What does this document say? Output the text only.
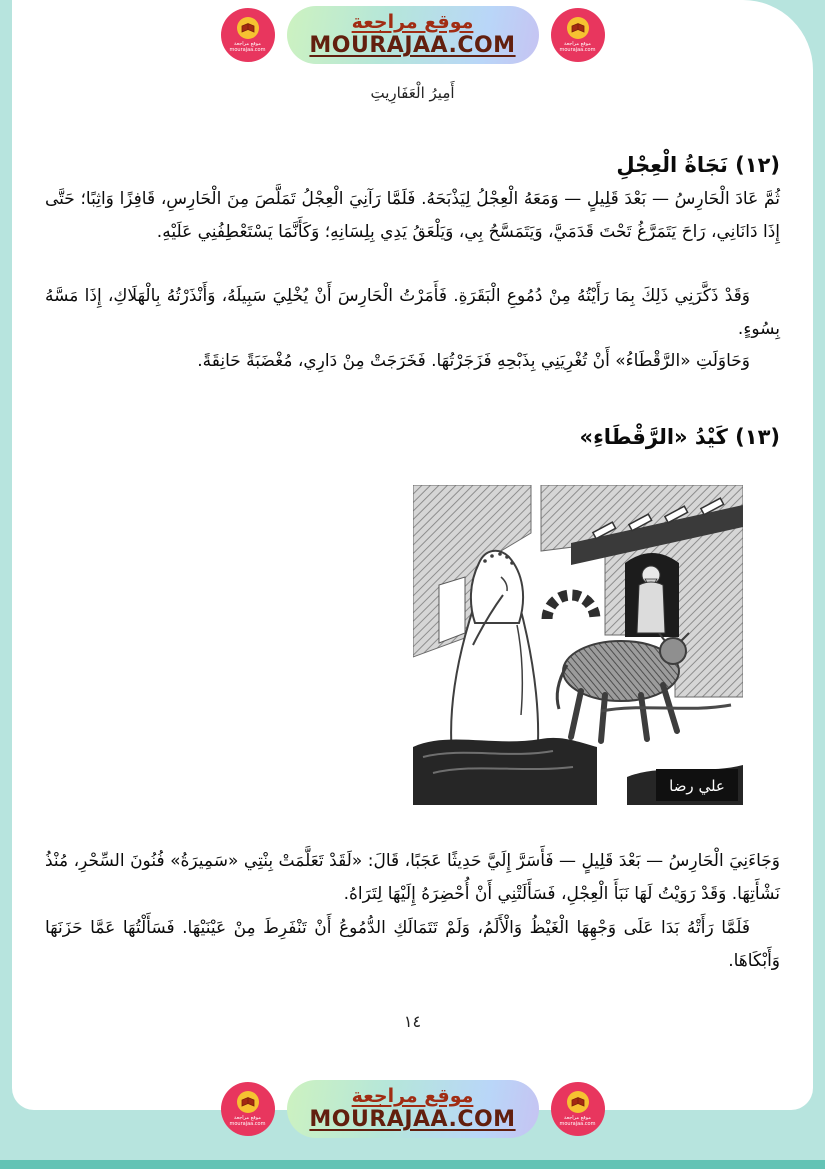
أَمِيرُ الْعَفَارِيتِ
(١٢) نَجَاةُ الْعِجْلِ

ثُمَّ عَادَ الْحَارِسُ — بَعْدَ قَلِيلٍ — وَمَعَهُ الْعِجْلُ لِيَذْبَحَهُ. فَلَمَّا رَآنِيَ الْعِجْلُ تَمَلَّصَ مِنَ الْحَارِسِ، قَافِزًا وَاثِبًا؛ حَتَّى إِذَا دَانَانِي، رَاحَ يَتَمَرَّغُ تَحْتَ قَدَمَيَّ، وَيَتَمَسَّحُ بِي، وَيَلْعَقُ يَدِي بِلِسَانِهِ؛ وَكَأَنَّمَا يَسْتَعْطِفُنِي عَلَيْهِ.

وَقَدْ ذَكَّرَنِي ذَلِكَ بِمَا رَأَيْتُهُ مِنْ دُمُوعِ الْبَقَرَةِ. فَأَمَرْتُ الْحَارِسَ أَنْ يُخْلِيَ سَبِيلَهُ، وَأَنْذَرْتُهُ بِالْهَلَاكِ، إِذَا مَسَّهُ بِسُوءٍ.

وَحَاوَلَتِ «الرَّقْطَاءُ» أَنْ تُغْرِيَنِي بِذَبْحِهِ فَزَجَرْتُهَا. فَخَرَجَتْ مِنْ دَارِي، مُغْضَبَةً حَانِقَةً.

(١٣) كَيْدُ «الرَّقْطَاءِ»
علي رضا

وَجَاءَنِيَ الْحَارِسُ — بَعْدَ قَلِيلٍ — فَأَسَرَّ إِلَيَّ حَدِيثًا عَجَبًا، قَالَ: «لَقَدْ تَعَلَّمَتْ بِنْتِي «سَمِيرَةُ» فُنُونَ السِّحْرِ، مُنْذُ نَشْأَتِهَا. وَقَدْ رَوَيْتُ لَهَا نَبَأَ الْعِجْلِ، فَسَأَلَتْنِي أَنْ أُحْضِرَهُ إِلَيْهَا لِتَرَاهُ.

فَلَمَّا رَأَتْهُ بَدَا عَلَى وَجْهِهَا الْغَيْظُ وَالْأَلَمُ، وَلَمْ تَتَمَالَكِ الدُّمُوعُ أَنْ تَنْفَرِطَ مِنْ عَيْنَيْهَا. فَسَأَلْتُهَا عَمَّا حَزَنَهَا وَأَبْكَاهَا.

١٤
موقع مراجعة
mourajaa.com
موقع مراجعة
MOURAJAA.COM	موقع مراجعة
mourajaa.com
موقع مراجعة
mourajaa.com
موقع مراجعة
MOURAJAA.COM	موقع مراجعة
mourajaa.com
